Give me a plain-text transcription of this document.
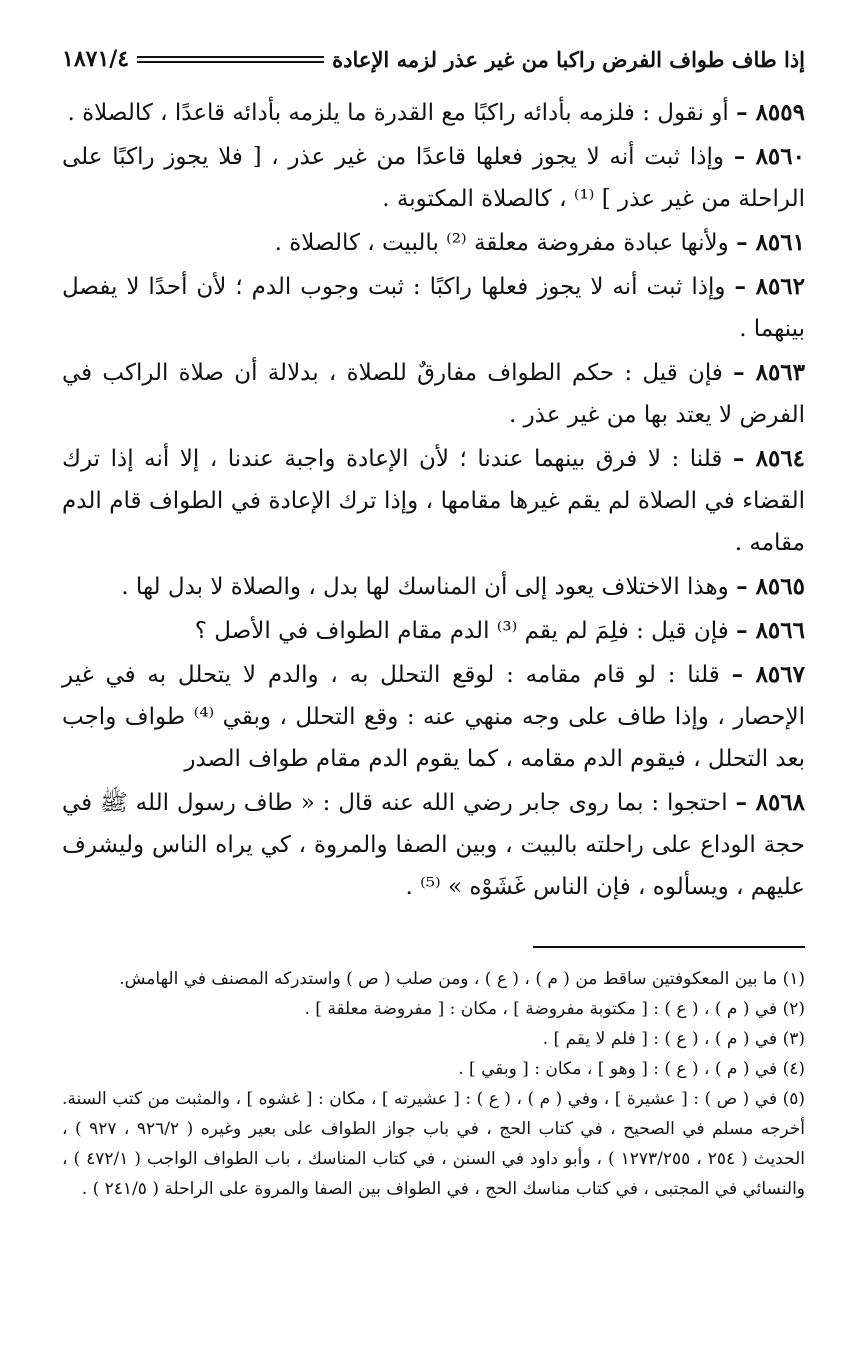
إذا طاف طواف الفرض راكبا من غير عذر لزمه الإعادة
١٨٧١/٤

٨٥٥٩ – أو نقول : فلزمه بأدائه راكبًا مع القدرة ما يلزمه بأدائه قاعدًا ، كالصلاة .

٨٥٦٠ – وإذا ثبت أنه لا يجوز فعلها قاعدًا من غير عذر ، [ فلا يجوز راكبًا على الراحلة من غير عذر ] ⁽¹⁾ ، كالصلاة المكتوبة .

٨٥٦١ – ولأنها عبادة مفروضة معلقة ⁽²⁾ بالبيت ، كالصلاة .

٨٥٦٢ – وإذا ثبت أنه لا يجوز فعلها راكبًا : ثبت وجوب الدم ؛ لأن أحدًا لا يفصل بينهما .

٨٥٦٣ – فإن قيل : حكم الطواف مفارقٌ للصلاة ، بدلالة أن صلاة الراكب في الفرض لا يعتد بها من غير عذر .

٨٥٦٤ – قلنا : لا فرق بينهما عندنا ؛ لأن الإعادة واجبة عندنا ، إلا أنه إذا ترك القضاء في الصلاة لم يقم غيرها مقامها ، وإذا ترك الإعادة في الطواف قام الدم مقامه .

٨٥٦٥ – وهذا الاختلاف يعود إلى أن المناسك لها بدل ، والصلاة لا بدل لها .

٨٥٦٦ – فإن قيل : فلِمَ لم يقم ⁽³⁾ الدم مقام الطواف في الأصل ؟

٨٥٦٧ – قلنا : لو قام مقامه : لوقع التحلل به ، والدم لا يتحلل به في غير الإحصار ، وإذا طاف على وجه منهي عنه : وقع التحلل ، وبقي ⁽⁴⁾ طواف واجب بعد التحلل ، فيقوم الدم مقامه ، كما يقوم الدم مقام طواف الصدر

٨٥٦٨ – احتجوا : بما روى جابر رضي الله عنه قال : « طاف رسول الله ﷺ في حجة الوداع على راحلته بالبيت ، وبين الصفا والمروة ، كي يراه الناس وليشرف عليهم ، ويسألوه ، فإن الناس غَشَوْه » ⁽⁵⁾ .

(١) ما بين المعكوفتين ساقط من ( م ) ، ( ع ) ، ومن صلب ( ص ) واستدركه المصنف في الهامش.

(٢) في ( م ) ، ( ع ) : [ مكتوبة مفروضة ] ، مكان : [ مفروضة معلقة ] .

(٣) في ( م ) ، ( ع ) : [ فلم لا يقم ] .

(٤) في ( م ) ، ( ع ) : [ وهو ] ، مكان : [ وبقي ] .

(٥) في ( ص ) : [ عشيرة ] ، وفي ( م ) ، ( ع ) : [ عشيرته ] ، مكان : [ غشوه ] ، والمثبت من كتب السنة. أخرجه مسلم في الصحيح ، في كتاب الحج ، في باب جواز الطواف على بعير وغيره ( ٩٢٦/٢ ، ٩٢٧ ) ، الحديث ( ٢٥٤ ، ١٢٧٣/٢٥٥ ) ، وأبو داود في السنن ، في كتاب المناسك ، باب الطواف الواجب ( ٤٧٢/١ ) ، والنسائي في المجتبى ، في كتاب مناسك الحج ، في الطواف بين الصفا والمروة على الراحلة ( ٢٤١/٥ ) .
